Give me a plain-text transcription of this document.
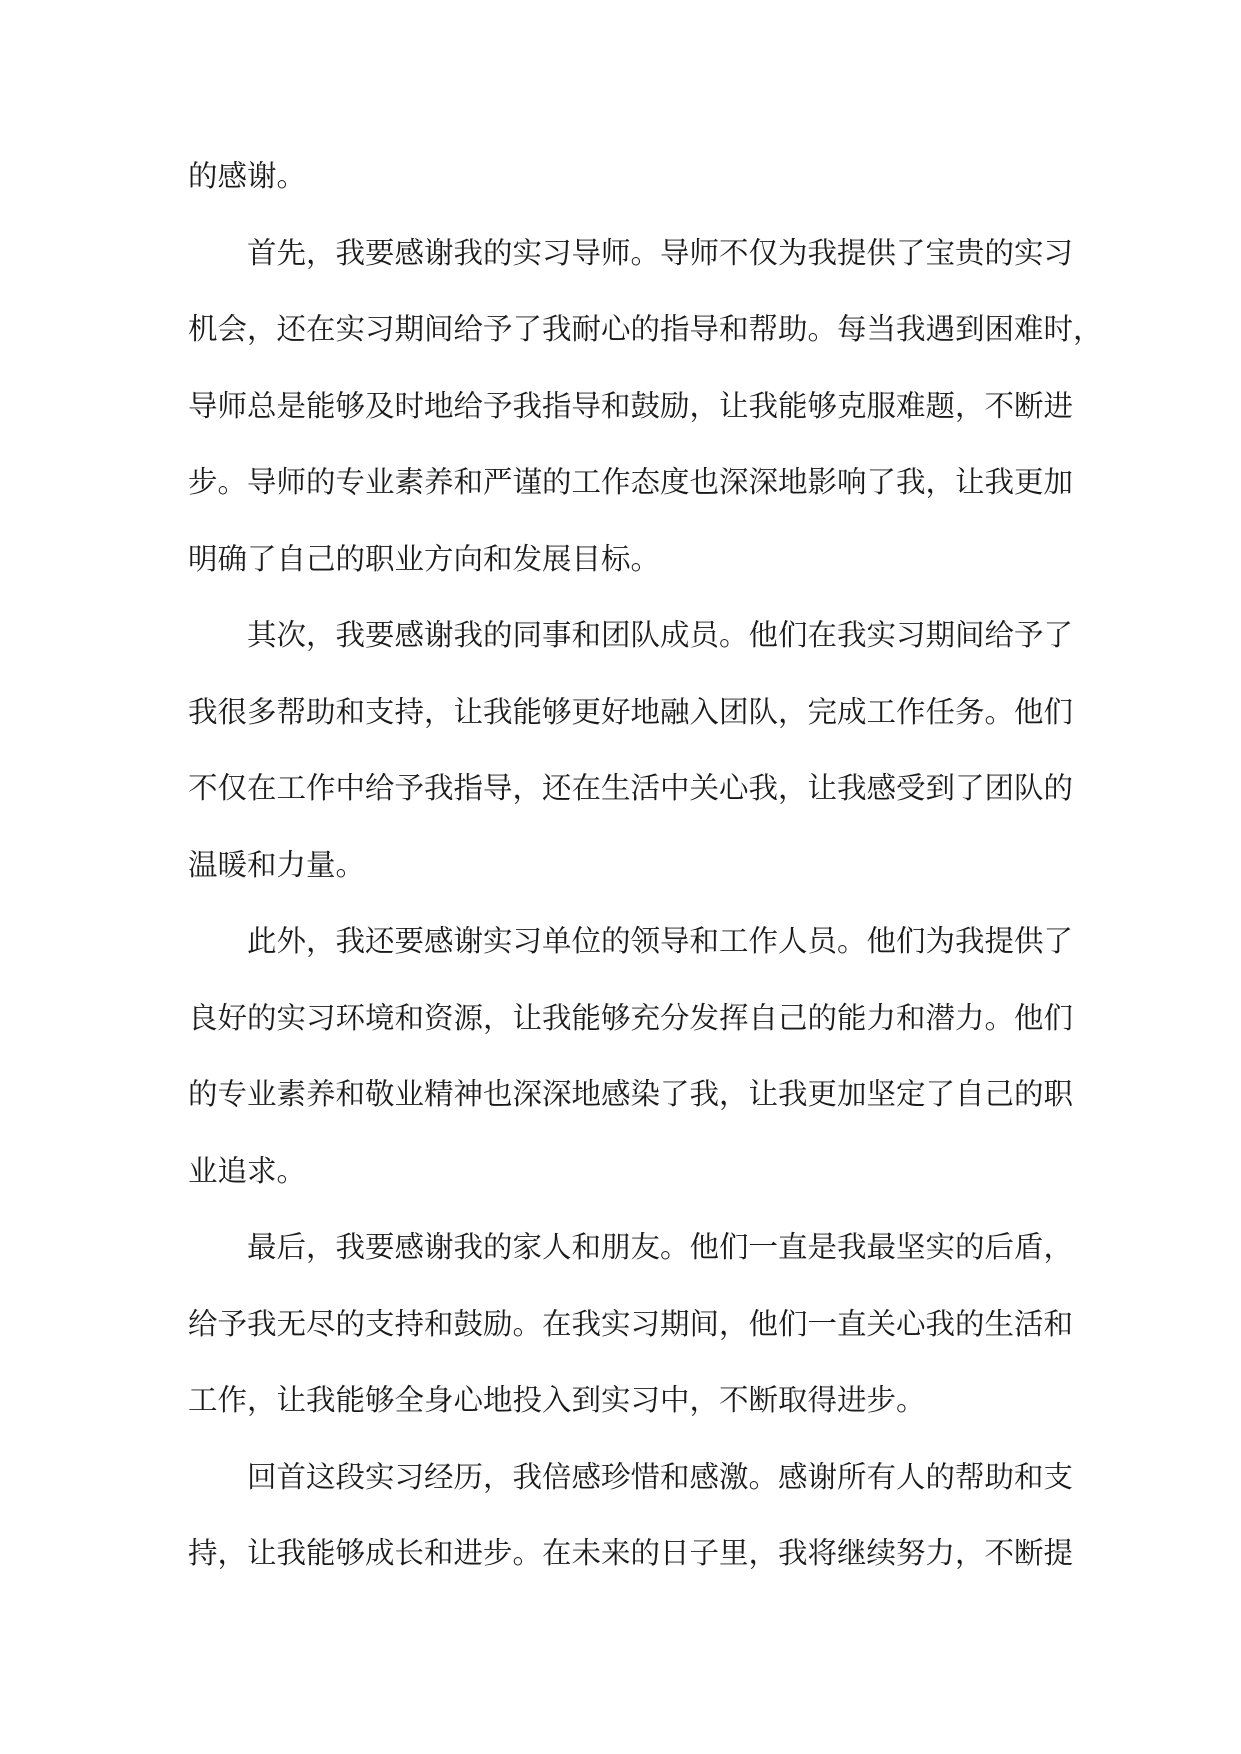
的感谢。
首先，我要感谢我的实习导师。导师不仅为我提供了宝贵的实习
机会，还在实习期间给予了我耐心的指导和帮助。每当我遇到困难时，
导师总是能够及时地给予我指导和鼓励，让我能够克服难题，不断进
步。导师的专业素养和严谨的工作态度也深深地影响了我，让我更加
明确了自己的职业方向和发展目标。
其次，我要感谢我的同事和团队成员。他们在我实习期间给予了
我很多帮助和支持，让我能够更好地融入团队，完成工作任务。他们
不仅在工作中给予我指导，还在生活中关心我，让我感受到了团队的
温暖和力量。
此外，我还要感谢实习单位的领导和工作人员。他们为我提供了
良好的实习环境和资源，让我能够充分发挥自己的能力和潜力。他们
的专业素养和敬业精神也深深地感染了我，让我更加坚定了自己的职
业追求。
最后，我要感谢我的家人和朋友。他们一直是我最坚实的后盾，
给予我无尽的支持和鼓励。在我实习期间，他们一直关心我的生活和
工作，让我能够全身心地投入到实习中，不断取得进步。
回首这段实习经历，我倍感珍惜和感激。感谢所有人的帮助和支
持，让我能够成长和进步。在未来的日子里，我将继续努力，不断提
